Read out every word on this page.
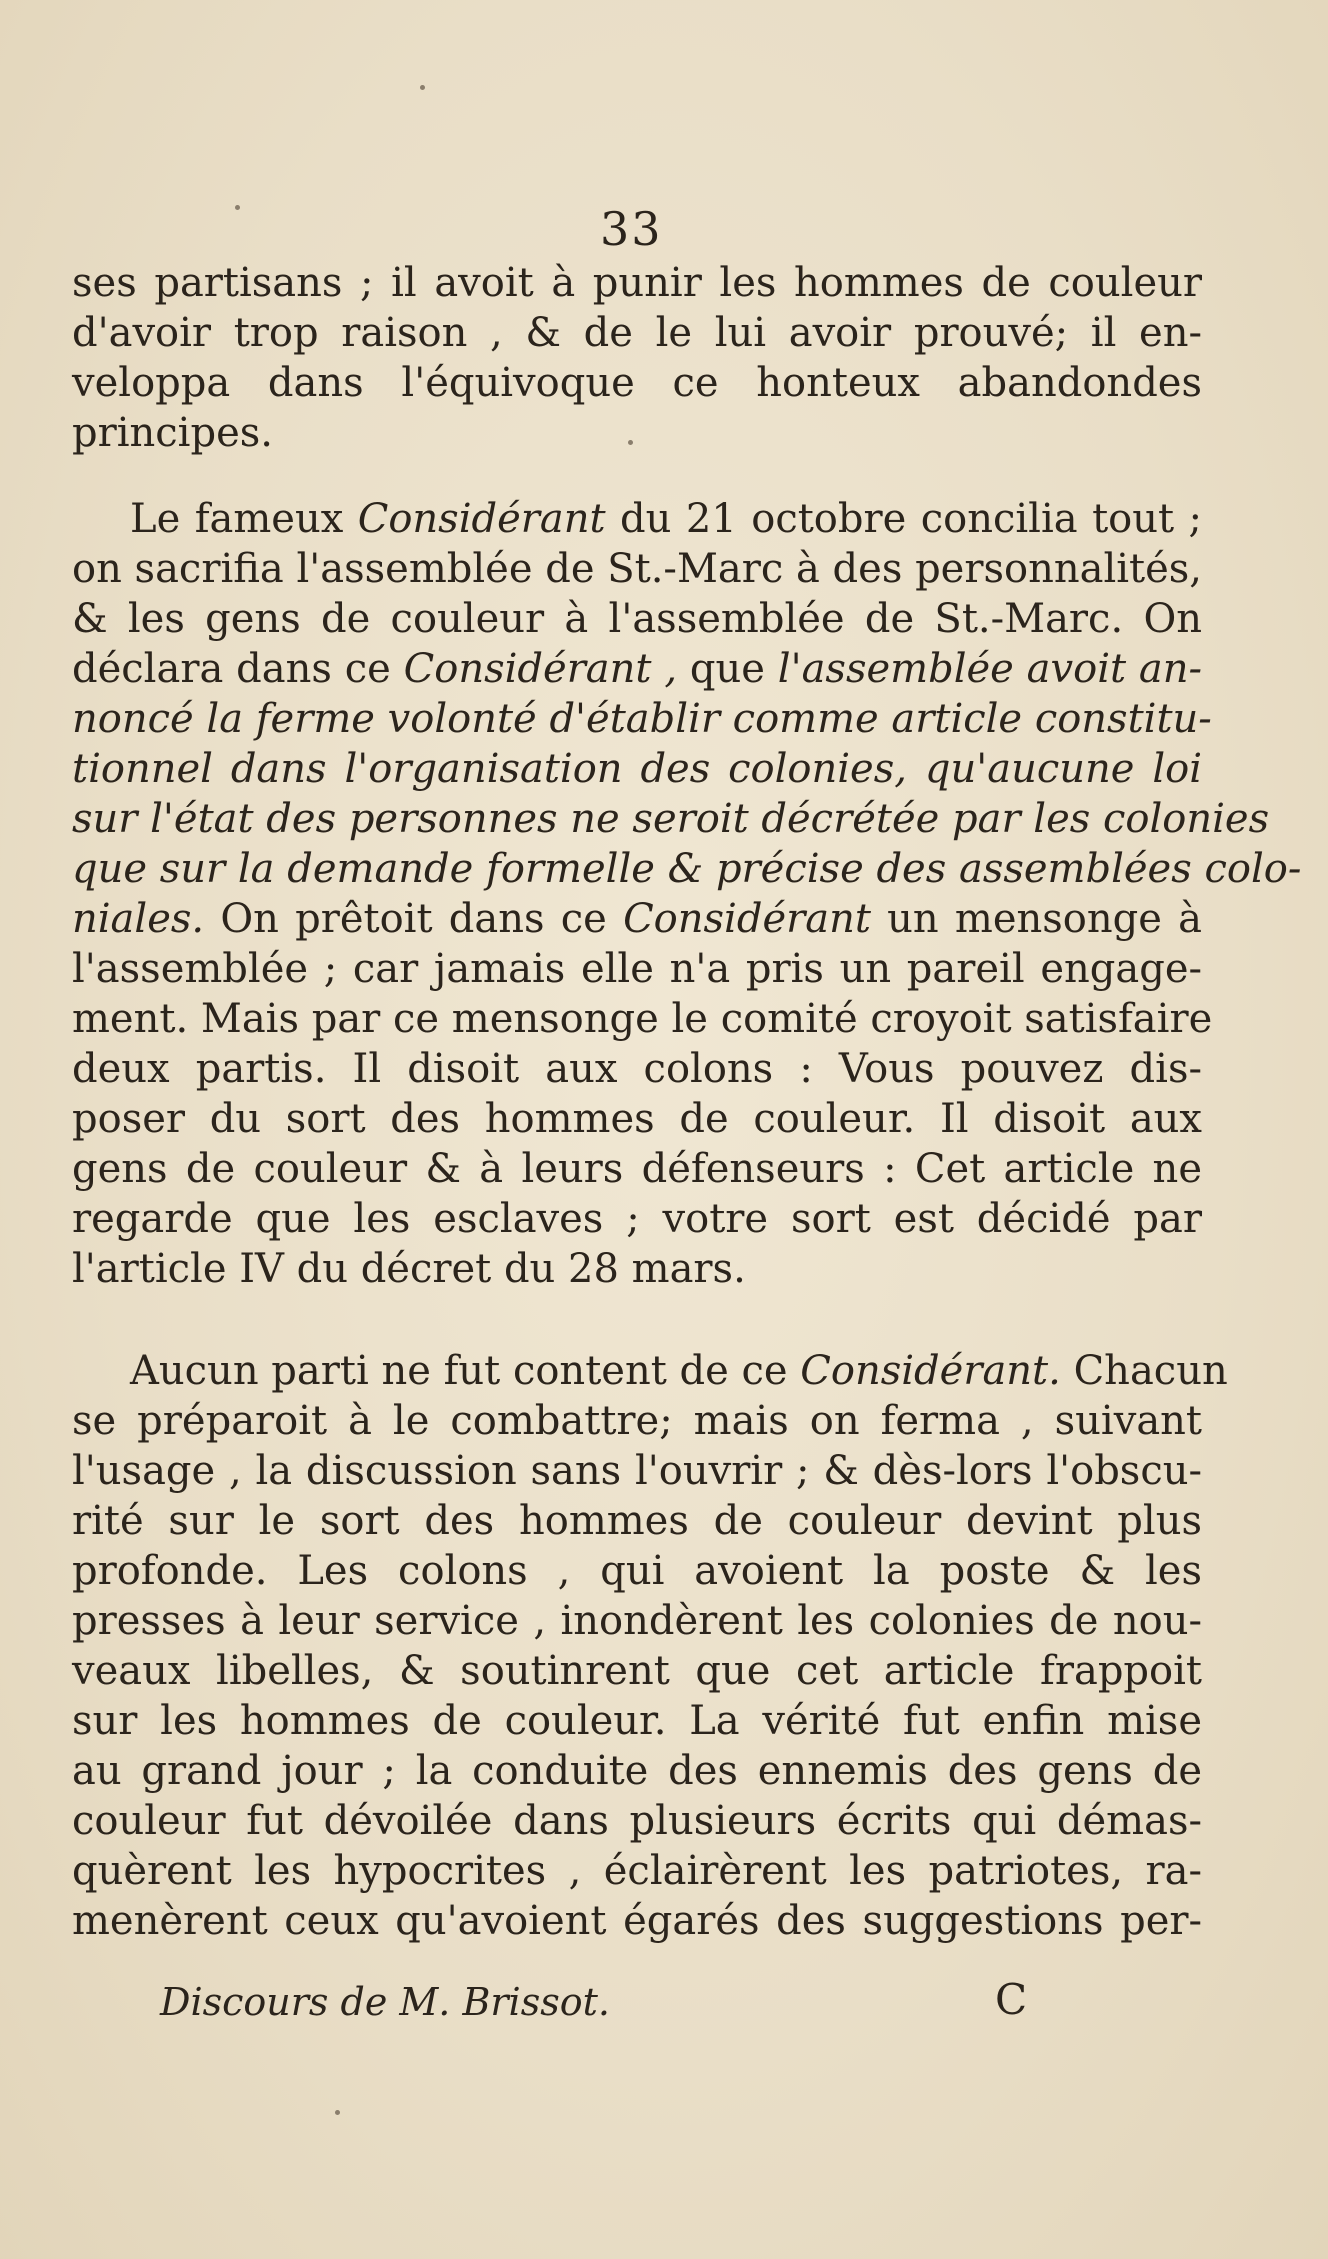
33
ses partisans ; il avoit à punir les hommes de couleur
d'avoir trop raison , & de le lui avoir prouvé; il en-
veloppa dans l'équivoque ce honteux abandondes
principes.
Le fameux Considérant du 21 octobre concilia tout ;
on sacrifia l'assemblée de St.-Marc à des personnalités,
& les gens de couleur à l'assemblée de St.-Marc. On
déclara dans ce Considérant , que l'assemblée avoit an-
noncé la ferme volonté d'établir comme article constitu-
tionnel dans l'organisation des colonies, qu'aucune loi
sur l'état des personnes ne seroit décrétée par les colonies
que sur la demande formelle & précise des assemblées colo-
niales. On prêtoit dans ce Considérant un mensonge à
l'assemblée ; car jamais elle n'a pris un pareil engage-
ment. Mais par ce mensonge le comité croyoit satisfaire
deux partis. Il disoit aux colons : Vous pouvez dis-
poser du sort des hommes de couleur. Il disoit aux
gens de couleur & à leurs défenseurs : Cet article ne
regarde que les esclaves ; votre sort est décidé par
l'article IV du décret du 28 mars.
Aucun parti ne fut content de ce Considérant. Chacun
se préparoit à le combattre; mais on ferma , suivant
l'usage , la discussion sans l'ouvrir ; & dès-lors l'obscu-
rité sur le sort des hommes de couleur devint plus
profonde. Les colons , qui avoient la poste & les
presses à leur service , inondèrent les colonies de nou-
veaux libelles, & soutinrent que cet article frappoit
sur les hommes de couleur. La vérité fut enfin mise
au grand jour ; la conduite des ennemis des gens de
couleur fut dévoilée dans plusieurs écrits qui démas-
quèrent les hypocrites , éclairèrent les patriotes, ra-
menèrent ceux qu'avoient égarés des suggestions per-
Discours de M. Brissot.	C
